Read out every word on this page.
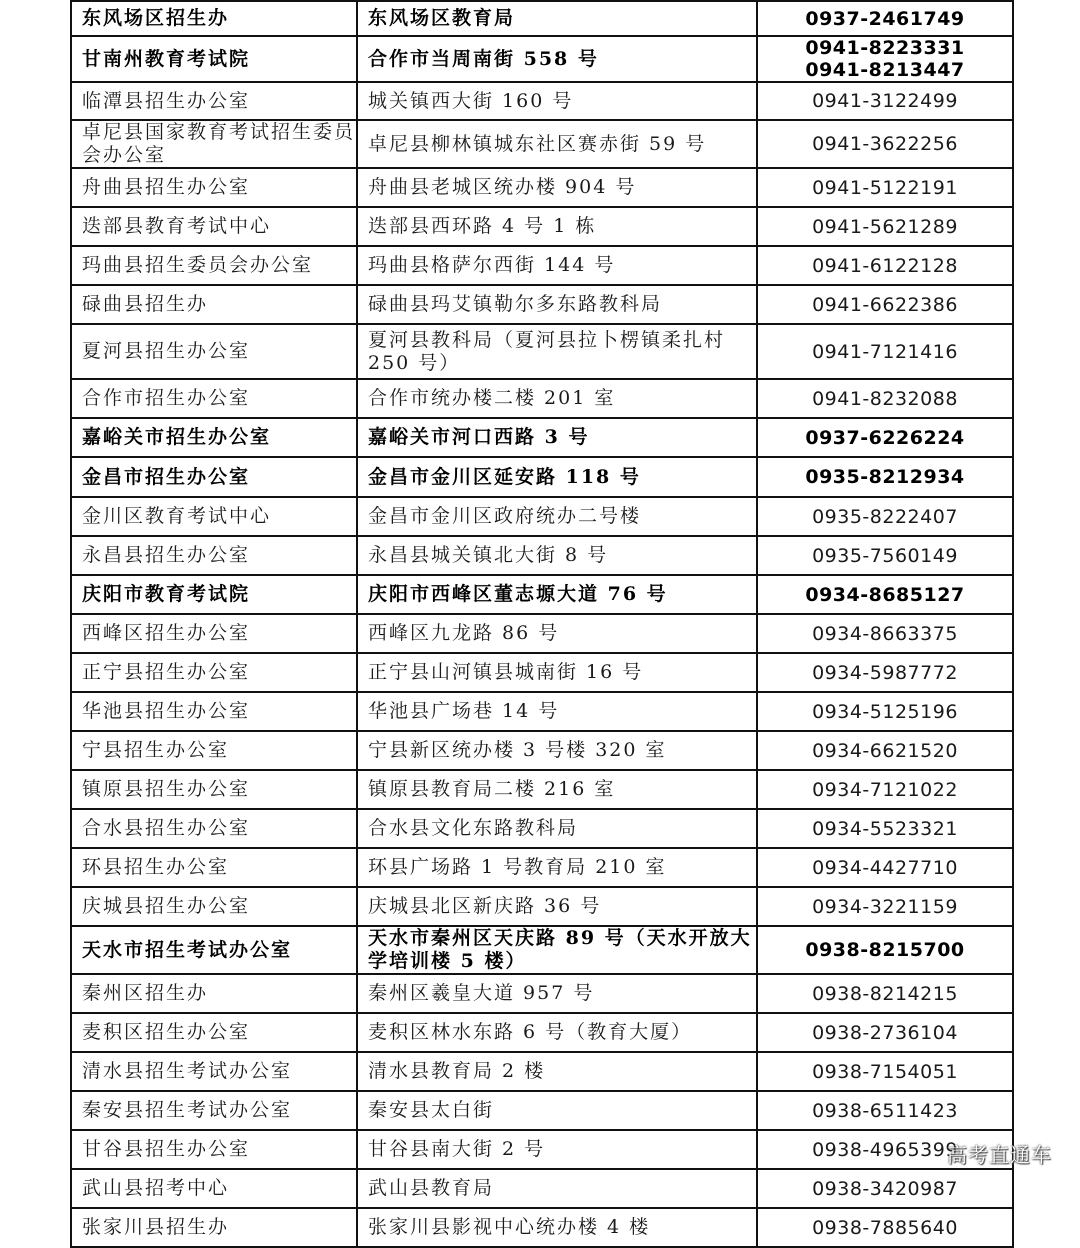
东风场区招生办	东风场区教育局	0937-2461749

甘南州教育考试院	合作市当周南街 558 号	0941-8223331
0941-8213447

临潭县招生办公室	城关镇西大街 160 号	0941-3122499

卓尼县国家教育考试招生委员会办公室	卓尼县柳林镇城东社区赛赤街 59 号	0941-3622256

舟曲县招生办公室	舟曲县老城区统办楼 904 号	0941-5122191

迭部县教育考试中心	迭部县西环路 4 号 1 栋	0941-5621289

玛曲县招生委员会办公室	玛曲县格萨尔西街 144 号	0941-6122128

碌曲县招生办	碌曲县玛艾镇勒尔多东路教科局	0941-6622386

夏河县招生办公室	夏河县教科局（夏河县拉卜楞镇柔扎村 250 号）	0941-7121416

合作市招生办公室	合作市统办楼二楼 201 室	0941-8232088

嘉峪关市招生办公室	嘉峪关市河口西路 3 号	0937-6226224

金昌市招生办公室	金昌市金川区延安路 118 号	0935-8212934

金川区教育考试中心	金昌市金川区政府统办二号楼	0935-8222407

永昌县招生办公室	永昌县城关镇北大街 8 号	0935-7560149

庆阳市教育考试院	庆阳市西峰区董志塬大道 76 号	0934-8685127

西峰区招生办公室	西峰区九龙路 86 号	0934-8663375

正宁县招生办公室	正宁县山河镇县城南街 16 号	0934-5987772

华池县招生办公室	华池县广场巷 14 号	0934-5125196

宁县招生办公室	宁县新区统办楼 3 号楼 320 室	0934-6621520

镇原县招生办公室	镇原县教育局二楼 216 室	0934-7121022

合水县招生办公室	合水县文化东路教科局	0934-5523321

环县招生办公室	环县广场路 1 号教育局 210 室	0934-4427710

庆城县招生办公室	庆城县北区新庆路 36 号	0934-3221159

天水市招生考试办公室	天水市秦州区天庆路 89 号（天水开放大学培训楼 5 楼）	0938-8215700

秦州区招生办	秦州区羲皇大道 957 号	0938-8214215

麦积区招生办公室	麦积区林水东路 6 号（教育大厦）	0938-2736104

清水县招生考试办公室	清水县教育局 2 楼	0938-7154051

秦安县招生考试办公室	秦安县太白街	0938-6511423

甘谷县招生办公室	甘谷县南大街 2 号	0938-4965399

武山县招考中心	武山县教育局	0938-3420987

张家川县招生办	张家川县影视中心统办楼 4 楼	0938-7885640
高考直通车
